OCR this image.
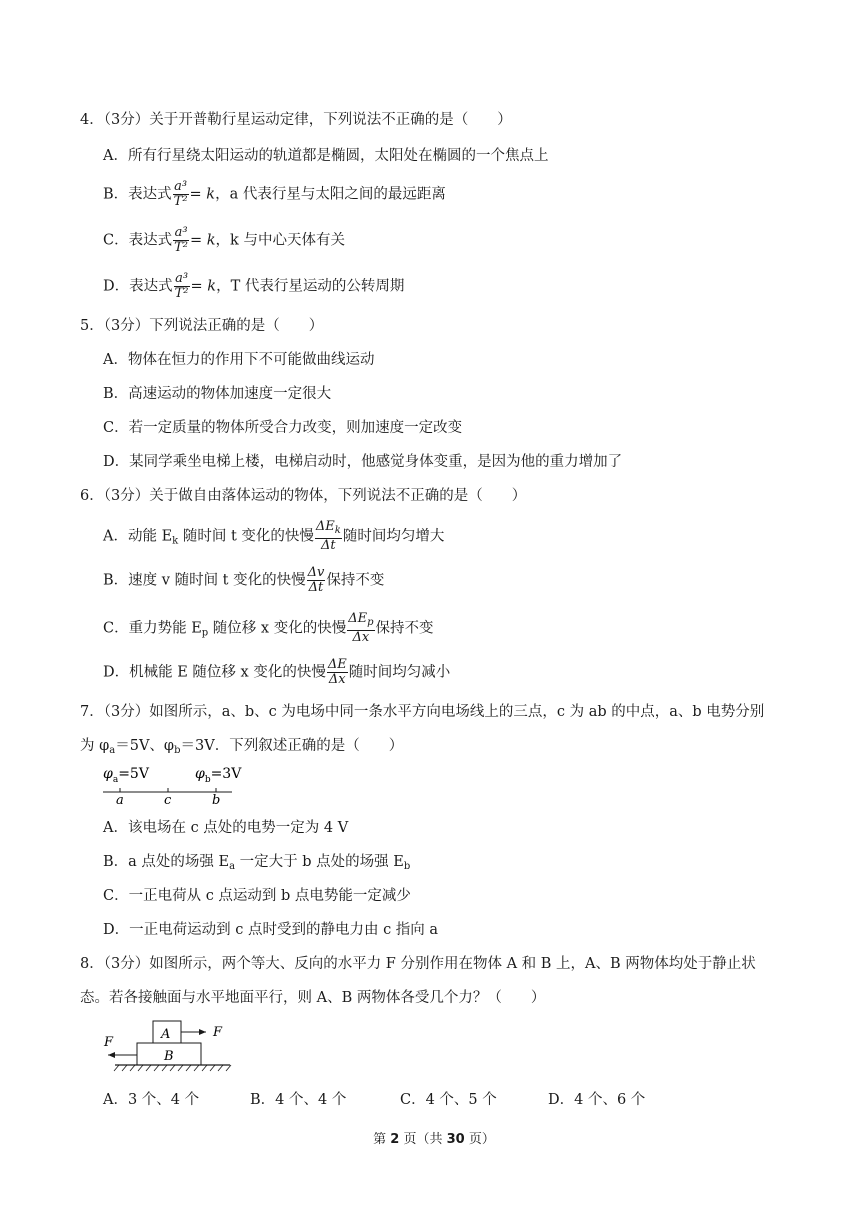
4．（3分）关于开普勒行星运动定律，下列说法不正确的是（　　）
A．所有行星绕太阳运动的轨道都是椭圆，太阳处在椭圆的一个焦点上
B．表达式 $\frac{\text{a³}}{\text{T²}} = k$，a 代表行星与太阳之间的最远距离
C．表达式 $\frac{\text{a³}}{\text{T²}} = k$，k 与中心天体有关
D．表达式 $\frac{\text{a³}}{\text{T²}} = k$，T 代表行星运动的公转周期
5．（3分）下列说法正确的是（　　）
A．物体在恒力的作用下不可能做曲线运动
B．高速运动的物体加速度一定很大
C．若一定质量的物体所受合力改变，则加速度一定改变
D．某同学乘坐电梯上楼，电梯启动时，他感觉身体变重，是因为他的重力增加了
6．（3分）关于做自由落体运动的物体，下列说法不正确的是（　　）
A．动能 $E_k$ 随时间 t 变化的快慢 $\frac{\Delta E_k}{\Delta t}$ 随时间均匀增大
B．速度 v 随时间 t 变化的快慢 $\frac{\Delta v}{\Delta t}$ 保持不变
C．重力势能 $E_p$ 随位移 x 变化的快慢 $\frac{\Delta E_p}{\Delta x}$ 保持不变
D．机械能 E 随位移 x 变化的快慢 $\frac{\Delta E}{\Delta x}$ 随时间均匀减小
7．（3分）如图所示，a、b、c 为电场中同一条水平方向电场线上的三点，c 为 ab 的中点，a、b 电势分别
为 $\varphi_a=5V$、$\varphi_b=3V$．下列叙述正确的是（　　）
$\varphi_a=5V$	$\varphi_b=3V$
a	c	b
A．该电场在 c 点处的电势一定为 4 V
B．a 点处的场强 $E_a$ 一定大于 b 点处的场强 $E_b$
C．一正电荷从 c 点运动到 b 点电势能一定减少
D．一正电荷运动到 c 点时受到的静电力由 c 指向 a
8．（3分）如图所示，两个等大、反向的水平力 F 分别作用在物体 A 和 B 上，A、B 两物体均处于静止状
态。若各接触面与水平地面平行，则 A、B 两物体各受几个力？（　　）
A
B
F
F
A．3 个、4 个	B．4 个、4 个	C．4 个、5 个	D．4 个、6 个
第 2 页（共 30 页）
